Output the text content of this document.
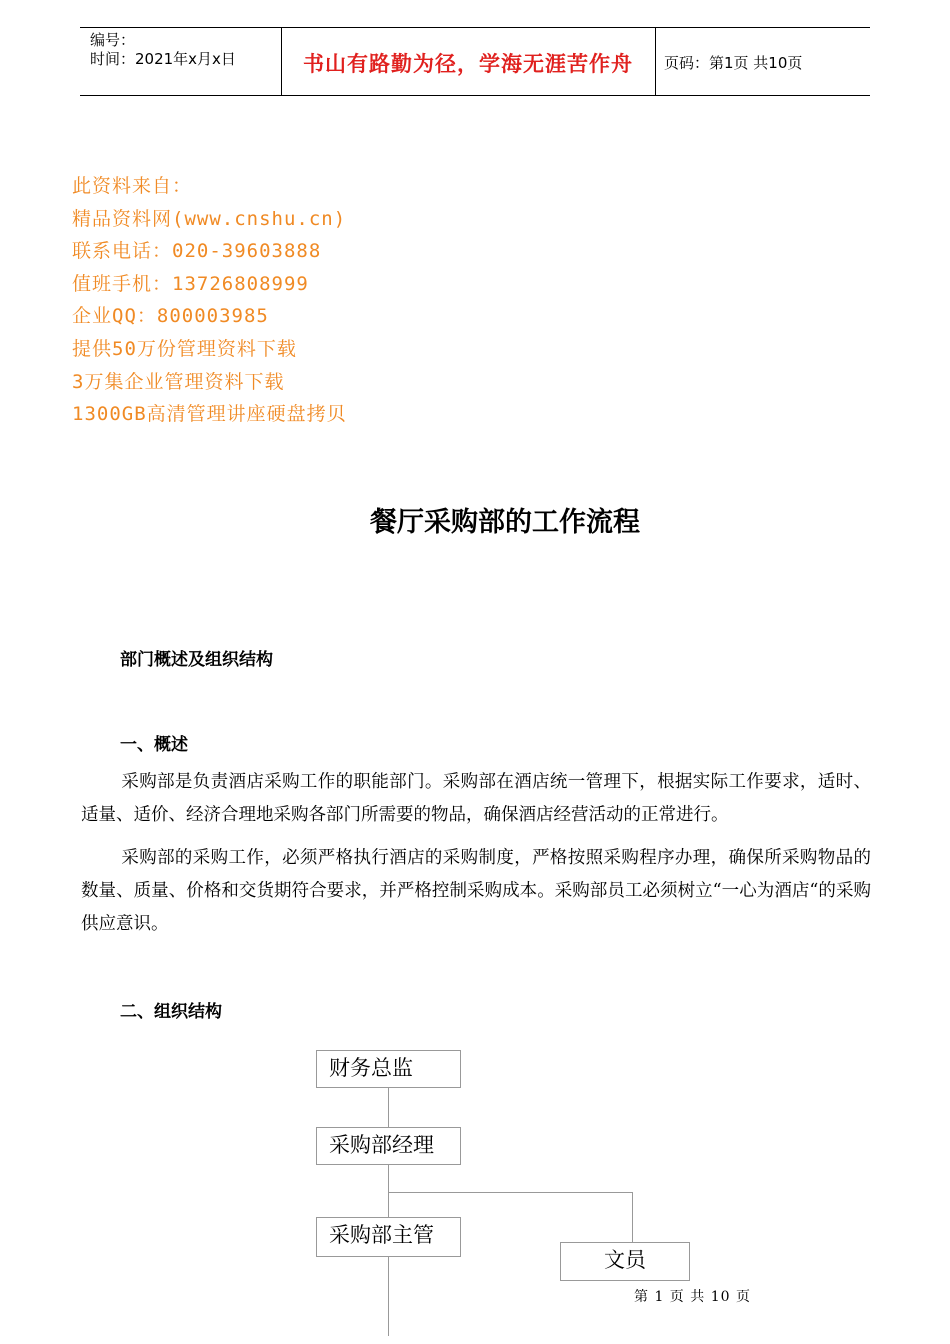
编号：
时间：2021年x月x日	书山有路勤为径，学海无涯苦作舟	页码：第1页 共10页
此资料来自：
精品资料网(www.cnshu.cn)
联系电话：020-39603888
值班手机：13726808999
企业QQ：800003985
提供50万份管理资料下载
3万集企业管理资料下载
1300GB高清管理讲座硬盘拷贝
餐厅采购部的工作流程
部门概述及组织结构
一、概述
采购部是负责酒店采购工作的职能部门。采购部在酒店统一管理下，根据实际工作要求，适时、适量、适价、经济合理地采购各部门所需要的物品，确保酒店经营活动的正常进行。
采购部的采购工作，必须严格执行酒店的采购制度，严格按照采购程序办理，确保所采购物品的数量、质量、价格和交货期符合要求，并严格控制采购成本。采购部员工必须树立“一心为酒店“的采购供应意识。
二、组织结构
财务总监
采购部经理
采购部主管
文员
第 1 页 共 10 页
